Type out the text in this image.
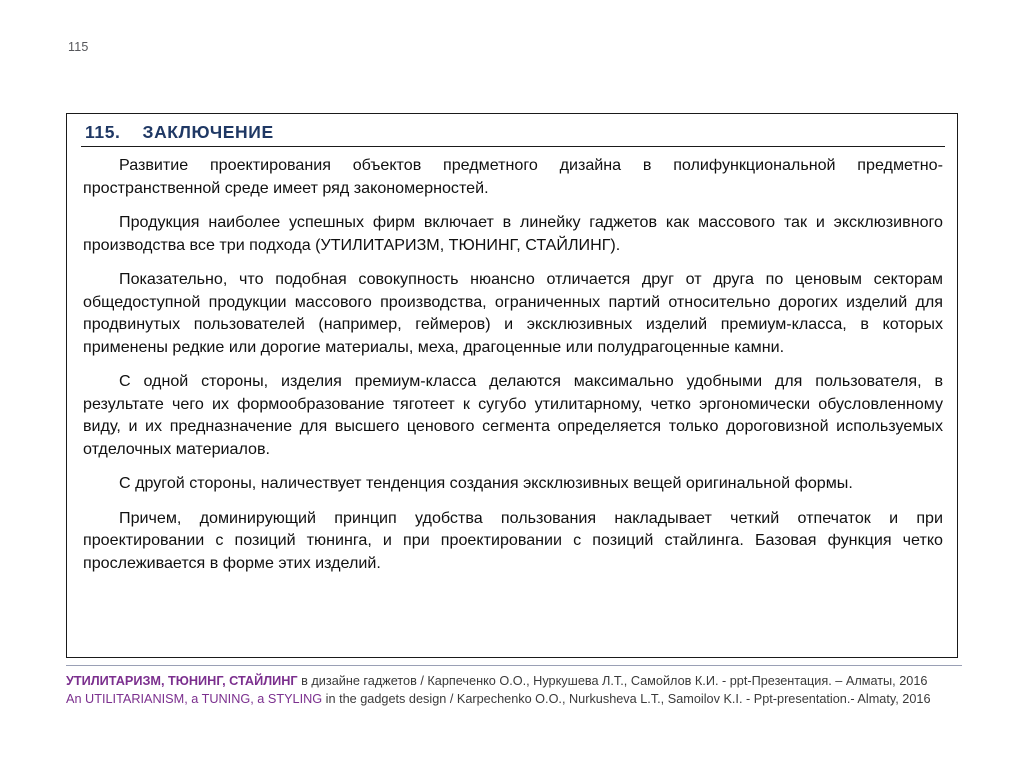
115
115. ЗАКЛЮЧЕНИЕ

Развитие проектирования объектов предметного дизайна в полифункциональной предметно-пространственной среде имеет ряд закономерностей.

Продукция наиболее успешных фирм включает в линейку гаджетов как массового так и эксклюзивного производства все три подхода (УТИЛИТАРИЗМ, ТЮНИНГ, СТАЙЛИНГ).

Показательно, что подобная совокупность нюансно отличается друг от друга по ценовым секторам общедоступной продукции массового производства, ограниченных партий относительно дорогих изделий для продвинутых пользователей (например, геймеров) и эксклюзивных изделий премиум-класса, в которых применены редкие или дорогие материалы, меха, драгоценные или полудрагоценные камни.

С одной стороны, изделия премиум-класса делаются максимально удобными для пользователя, в результате чего их формообразование тяготеет к сугубо утилитарному, четко эргономически обусловленному виду, и их предназначение для высшего ценового сегмента определяется только дороговизной используемых отделочных материалов.

С другой стороны, наличествует тенденция создания эксклюзивных вещей оригинальной формы.

Причем, доминирующий принцип удобства пользования накладывает четкий отпечаток и при проектировании с позиций тюнинга, и при проектировании с позиций стайлинга. Базовая функция четко прослеживается в форме этих изделий.

УТИЛИТАРИЗМ, ТЮНИНГ, СТАЙЛИНГ в дизайне гаджетов / Карпеченко О.О., Нуркушева Л.Т., Самойлов К.И. - ppt-Презентация. – Алматы, 2016
An UTILITARIANISM, a TUNING, a STYLING in the gadgets design / Karpechenko O.O., Nurkusheva L.T., Samoilov K.I. - Ppt-presentation.- Almaty, 2016
